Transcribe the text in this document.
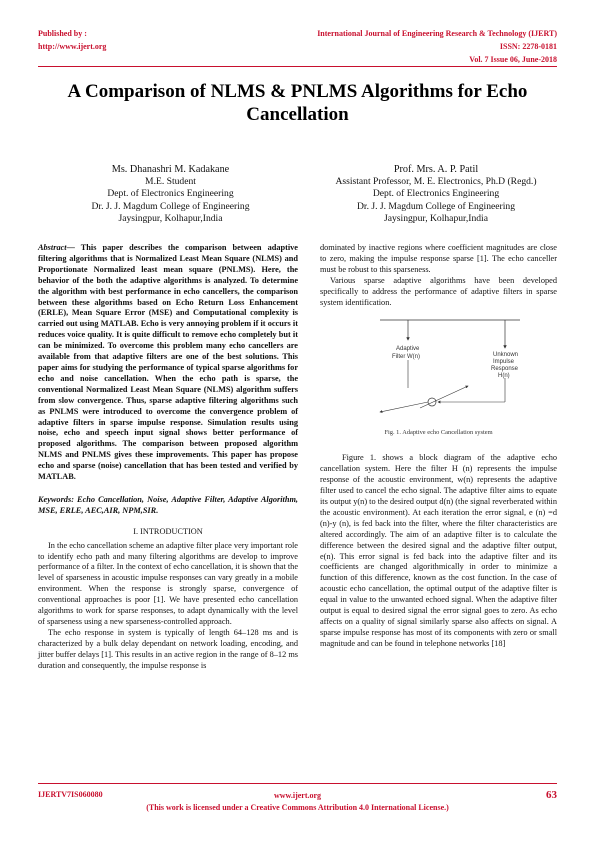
Published by :
http://www.ijert.org
International Journal of Engineering Research & Technology (IJERT)
ISSN: 2278-0181
Vol. 7 Issue 06, June-2018
A Comparison of NLMS & PNLMS Algorithms for Echo Cancellation
Ms. Dhanashri M. Kadakane
M.E. Student
Dept. of Electronics Engineering
Dr. J. J. Magdum College of Engineering
Jaysingpur, Kolhapur,India
Prof. Mrs. A. P. Patil
Assistant Professor, M. E. Electronics, Ph.D (Regd.)
Dept. of Electronics Engineering
Dr. J. J. Magdum College of Engineering
Jaysingpur, Kolhapur,India

Abstract— This paper describes the comparison between adaptive filtering algorithms that is Normalized Least Mean Square (NLMS) and Proportionate Normalized least mean square (PNLMS). Here, the behavior of the both the adaptive algorithms is analyzed. To determine the algorithm with best performance in echo cancellers, the comparison between these algorithms based on Echo Return Loss Enhancement (ERLE), Mean Square Error (MSE) and Computational complexity is carried out using MATLAB. Echo is very annoying problem if it occurs it reduces voice quality. It is quite difficult to remove echo completely but it can be minimized. To overcome this problem many echo cancellers are available from that adaptive filters are one of the best solutions. This paper aims for studying the performance of typical sparse algorithms for echo and noise cancellation. When the echo path is sparse, the conventional Normalized Least Mean Square (NLMS) algorithm suffers from slow convergence. Thus, sparse adaptive filtering algorithms such as PNLMS were introduced to overcome the convergence problem of adaptive filters in sparse impulse response. Simulation results using noise, echo and speech input signal shows better performance of proposed algorithms. The comparison between proposed algorithm NLMS and PNLMS gives these improvements. This paper has propose echo and sparse (noise) cancellation that has been tested and verified by MATLAB.

Keywords: Echo Cancellation, Noise, Adaptive Filter, Adaptive Algorithm, MSE, ERLE, AEC,AIR, NPM,SIR.

I. INTRODUCTION

In the echo cancellation scheme an adaptive filter place very important role to identify echo path and many filtering algorithms are develop to improve performance of a filter. In the context of echo cancellation, it is shown that the level of sparseness in acoustic impulse responses can vary greatly in a mobile environment. When the response is strongly sparse, convergence of conventional approaches is poor [1]. We have presented echo cancellation algorithms to work for sparse responses, to adapt dynamically with the level of sparseness using a new sparseness-controlled approach.

The echo response in system is typically of length 64–128 ms and is characterized by a bulk delay dependant on network loading, encoding, and jitter buffer delays [1]. This results in an active region in the range of 8–12 ms duration and consequently, the impulse response is

dominated by inactive regions where coefficient magnitudes are close to zero, making the impulse response sparse [1]. The echo canceller must be robust to this sparseness.

Various sparse adaptive algorithms have been developed specifically to address the performance of adaptive filters in sparse system identification.

Adaptive
Filter W(n)	Unknown
Impulse
Response
H(n)

Fig. 1. Adaptive echo Cancellation system

Figure 1. shows a block diagram of the adaptive echo cancellation system. Here the filter H (n) represents the impulse response of the acoustic environment, w(n) represents the adaptive filter used to cancel the echo signal. The adaptive filter aims to equate its output y(n) to the desired output d(n) (the signal reverberated within the acoustic environment). At each iteration the error signal, e (n) =d (n)-y (n), is fed back into the filter, where the filter characteristics are altered accordingly. The aim of an adaptive filter is to calculate the difference between the desired signal and the adaptive filter output, e(n). This error signal is fed back into the adaptive filter and its coefficients are changed algorithmically in order to minimize a function of this difference, known as the cost function. In the case of acoustic echo cancellation, the optimal output of the adaptive filter is equal in value to the unwanted echoed signal. When the adaptive filter output is equal to desired signal the error signal goes to zero. As echo affects on a quality of signal similarly sparse also affects on signal. A sparse impulse response has most of its components with zero or small magnitude and can be found in telephone networks [18]

IJERTV7IS060080	www.ijert.org
(This work is licensed under a Creative Commons Attribution 4.0 International License.)
63
